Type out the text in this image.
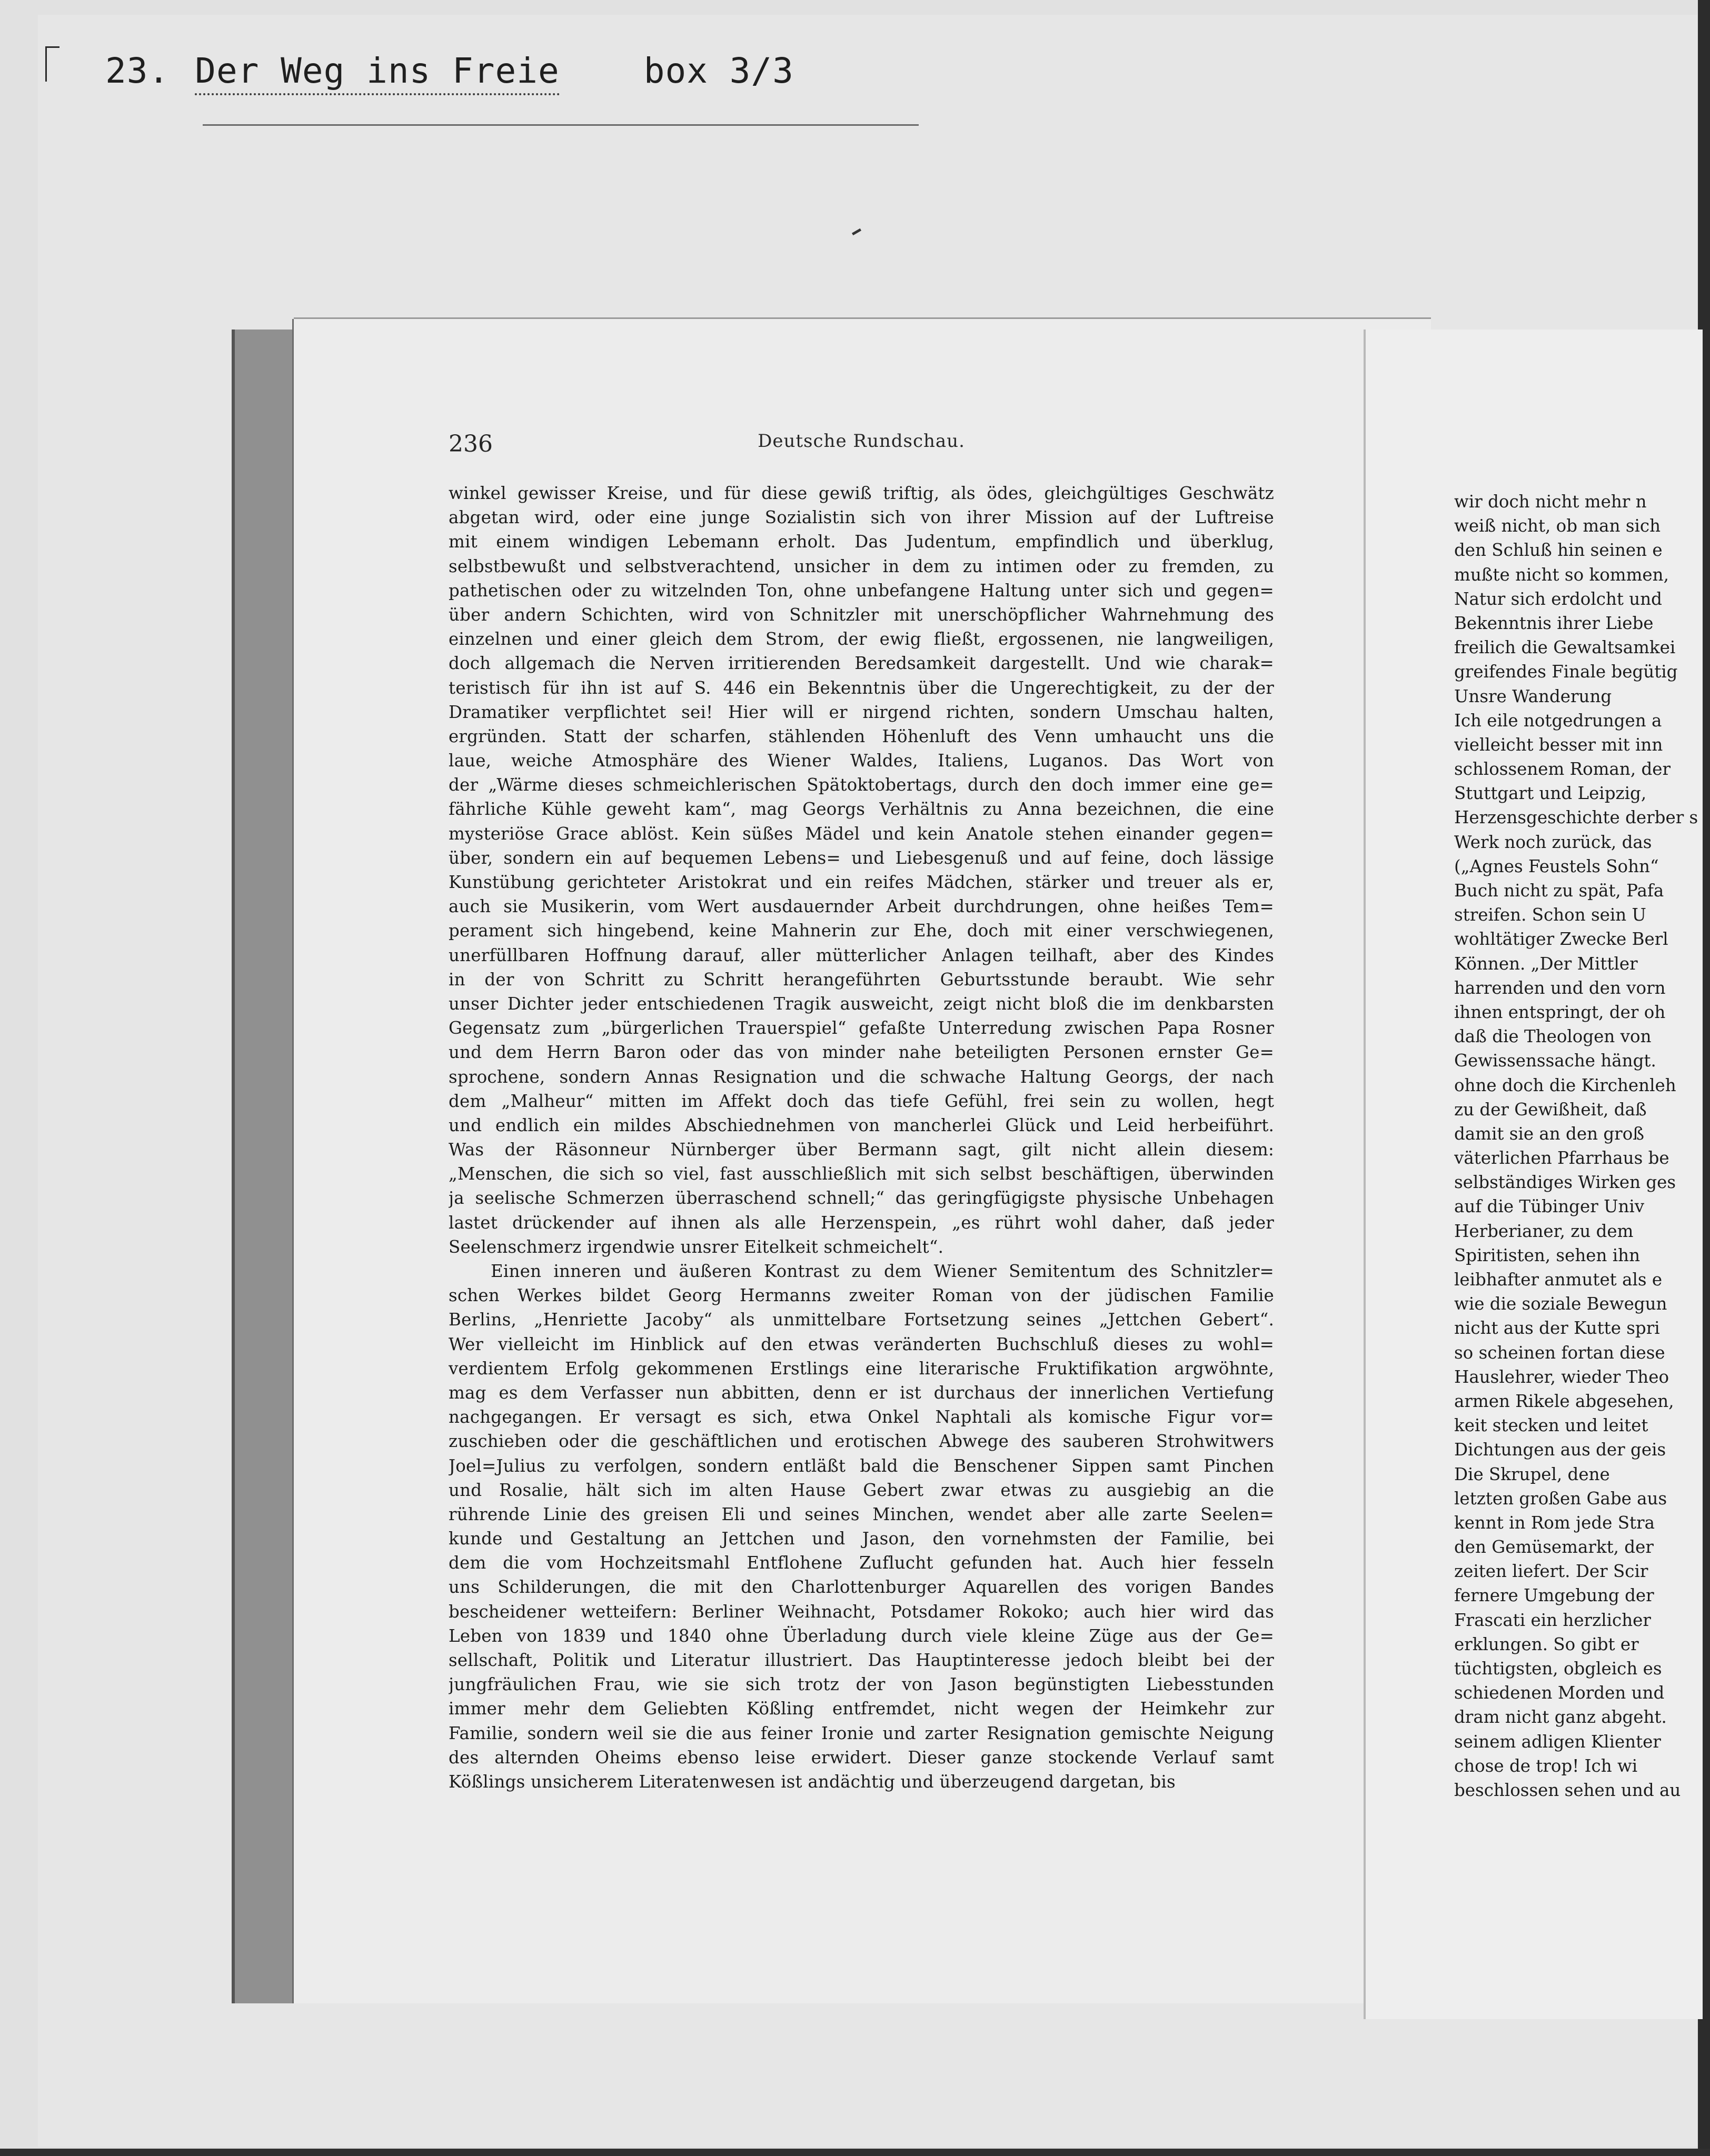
23. Der Weg ins Freie box 3/3
236	Deutsche Rundschau.
winkel gewisser Kreise, und für diese gewiß triftig, als ödes, gleichgültiges Geschwätz
abgetan wird, oder eine junge Sozialistin sich von ihrer Mission auf der Luftreise
mit einem windigen Lebemann erholt. Das Judentum, empfindlich und überklug,
selbstbewußt und selbstverachtend, unsicher in dem zu intimen oder zu fremden, zu
pathetischen oder zu witzelnden Ton, ohne unbefangene Haltung unter sich und gegen=
über andern Schichten, wird von Schnitzler mit unerschöpflicher Wahrnehmung des
einzelnen und einer gleich dem Strom, der ewig fließt, ergossenen, nie langweiligen,
doch allgemach die Nerven irritierenden Beredsamkeit dargestellt. Und wie charak=
teristisch für ihn ist auf S. 446 ein Bekenntnis über die Ungerechtigkeit, zu der der
Dramatiker verpflichtet sei! Hier will er nirgend richten, sondern Umschau halten,
ergründen. Statt der scharfen, stählenden Höhenluft des Venn umhaucht uns die
laue, weiche Atmosphäre des Wiener Waldes, Italiens, Luganos. Das Wort von
der „Wärme dieses schmeichlerischen Spätoktobertags, durch den doch immer eine ge=
fährliche Kühle geweht kam“, mag Georgs Verhältnis zu Anna bezeichnen, die eine
mysteriöse Grace ablöst. Kein süßes Mädel und kein Anatole stehen einander gegen=
über, sondern ein auf bequemen Lebens= und Liebesgenuß und auf feine, doch lässige
Kunstübung gerichteter Aristokrat und ein reifes Mädchen, stärker und treuer als er,
auch sie Musikerin, vom Wert ausdauernder Arbeit durchdrungen, ohne heißes Tem=
perament sich hingebend, keine Mahnerin zur Ehe, doch mit einer verschwiegenen,
unerfüllbaren Hoffnung darauf, aller mütterlicher Anlagen teilhaft, aber des Kindes
in der von Schritt zu Schritt herangeführten Geburtsstunde beraubt. Wie sehr
unser Dichter jeder entschiedenen Tragik ausweicht, zeigt nicht bloß die im denkbarsten
Gegensatz zum „bürgerlichen Trauerspiel“ gefaßte Unterredung zwischen Papa Rosner
und dem Herrn Baron oder das von minder nahe beteiligten Personen ernster Ge=
sprochene, sondern Annas Resignation und die schwache Haltung Georgs, der nach
dem „Malheur“ mitten im Affekt doch das tiefe Gefühl, frei sein zu wollen, hegt
und endlich ein mildes Abschiednehmen von mancherlei Glück und Leid herbeiführt.
Was der Räsonneur Nürnberger über Bermann sagt, gilt nicht allein diesem:
„Menschen, die sich so viel, fast ausschließlich mit sich selbst beschäftigen, überwinden
ja seelische Schmerzen überraschend schnell;“ das geringfügigste physische Unbehagen
lastet drückender auf ihnen als alle Herzenspein, „es rührt wohl daher, daß jeder
Seelenschmerz irgendwie unsrer Eitelkeit schmeichelt“.
Einen inneren und äußeren Kontrast zu dem Wiener Semitentum des Schnitzler=
schen Werkes bildet Georg Hermanns zweiter Roman von der jüdischen Familie
Berlins, „Henriette Jacoby“ als unmittelbare Fortsetzung seines „Jettchen Gebert“.
Wer vielleicht im Hinblick auf den etwas veränderten Buchschluß dieses zu wohl=
verdientem Erfolg gekommenen Erstlings eine literarische Fruktifikation argwöhnte,
mag es dem Verfasser nun abbitten, denn er ist durchaus der innerlichen Vertiefung
nachgegangen. Er versagt es sich, etwa Onkel Naphtali als komische Figur vor=
zuschieben oder die geschäftlichen und erotischen Abwege des sauberen Strohwitwers
Joel=Julius zu verfolgen, sondern entläßt bald die Benschener Sippen samt Pinchen
und Rosalie, hält sich im alten Hause Gebert zwar etwas zu ausgiebig an die
rührende Linie des greisen Eli und seines Minchen, wendet aber alle zarte Seelen=
kunde und Gestaltung an Jettchen und Jason, den vornehmsten der Familie, bei
dem die vom Hochzeitsmahl Entflohene Zuflucht gefunden hat. Auch hier fesseln
uns Schilderungen, die mit den Charlottenburger Aquarellen des vorigen Bandes
bescheidener wetteifern: Berliner Weihnacht, Potsdamer Rokoko; auch hier wird das
Leben von 1839 und 1840 ohne Überladung durch viele kleine Züge aus der Ge=
sellschaft, Politik und Literatur illustriert. Das Hauptinteresse jedoch bleibt bei der
jungfräulichen Frau, wie sie sich trotz der von Jason begünstigten Liebesstunden
immer mehr dem Geliebten Kößling entfremdet, nicht wegen der Heimkehr zur
Familie, sondern weil sie die aus feiner Ironie und zarter Resignation gemischte Neigung
des alternden Oheims ebenso leise erwidert. Dieser ganze stockende Verlauf samt
Kößlings unsicherem Literatenwesen ist andächtig und überzeugend dargetan, bis
wir doch nicht mehr n
weiß nicht, ob man sich
den Schluß hin seinen e
mußte nicht so kommen,
Natur sich erdolcht und
Bekenntnis ihrer Liebe
freilich die Gewaltsamkei
greifendes Finale begütig
Unsre Wanderung
Ich eile notgedrungen a
vielleicht besser mit inn
schlossenem Roman, der
Stuttgart und Leipzig,
Herzensgeschichte derber s
Werk noch zurück, das
(„Agnes Feustels Sohn“
Buch nicht zu spät, Pafa
streifen. Schon sein U
wohltätiger Zwecke Berl
Können. „Der Mittler
harrenden und den vorn
ihnen entspringt, der oh
daß die Theologen von
Gewissenssache hängt.
ohne doch die Kirchenleh
zu der Gewißheit, daß
damit sie an den groß
väterlichen Pfarrhaus be
selbständiges Wirken ges
auf die Tübinger Univ
Herberianer, zu dem
Spiritisten, sehen ihn
leibhafter anmutet als e
wie die soziale Bewegun
nicht aus der Kutte spri
so scheinen fortan diese
Hauslehrer, wieder Theo
armen Rikele abgesehen,
keit stecken und leitet
Dichtungen aus der geis
Die Skrupel, dene
letzten großen Gabe aus
kennt in Rom jede Stra
den Gemüsemarkt, der
zeiten liefert. Der Scir
fernere Umgebung der
Frascati ein herzlicher
erklungen. So gibt er
tüchtigsten, obgleich es
schiedenen Morden und
dram nicht ganz abgeht.
seinem adligen Klienter
chose de trop! Ich wi
beschlossen sehen und au
